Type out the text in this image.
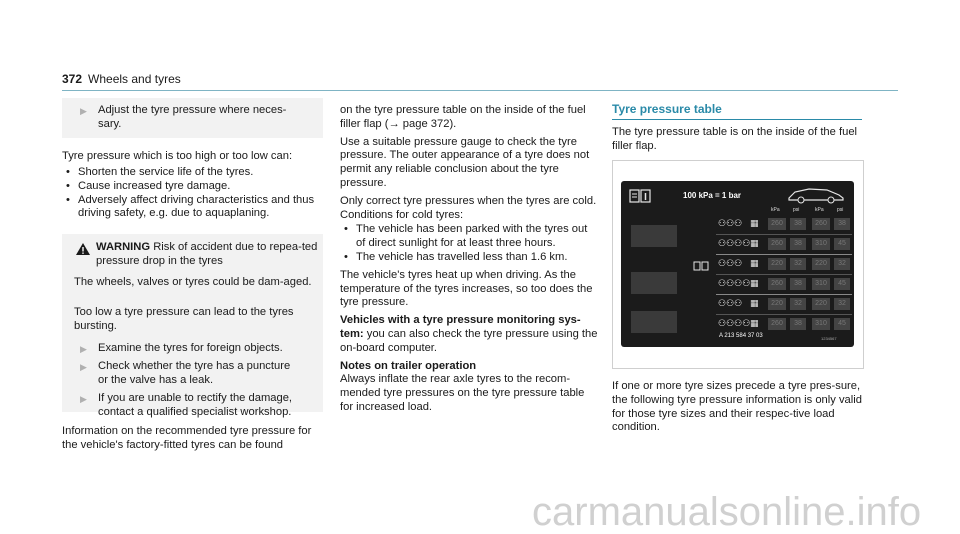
372 Wheels and tyres
▶ Adjust the tyre pressure where neces-
sary.

Tyre pressure which is too high or too low can:

• Shorten the service life of the tyres.
• Cause increased tyre damage.
• Adversely affect driving characteristics and thus driving safety, e.g. due to aquaplaning.

WARNING Risk of accident due to repea-ted pressure drop in the tyres

The wheels, valves or tyres could be dam-aged.

Too low a tyre pressure can lead to the tyres bursting.

▶ Examine the tyres for foreign objects.

▶ Check whether the tyre has a puncture or the valve has a leak.

▶ If you are unable to rectify the damage, contact a qualified specialist workshop.

Information on the recommended tyre pressure for the vehicle's factory-fitted tyres can be found

on the tyre pressure table on the inside of the fuel filler flap (→ page 372).

Use a suitable pressure gauge to check the tyre pressure. The outer appearance of a tyre does not permit any reliable conclusion about the tyre pressure.

Only correct tyre pressures when the tyres are cold. Conditions for cold tyres:

• The vehicle has been parked with the tyres out of direct sunlight for at least three hours.
• The vehicle has travelled less than 1.6 km.

The vehicle's tyres heat up when driving. As the temperature of the tyres increases, so too does the tyre pressure.

Vehicles with a tyre pressure monitoring sys-tem: you can also check the tyre pressure using the on-board computer.

Notes on trailer operation

Always inflate the rear axle tyres to the recom-mended tyre pressures on the tyre pressure table for increased load.

Tyre pressure table

The tyre pressure table is on the inside of the fuel filler flap.

100 kPa = 1 bar
kPa	psi	kPa	psi
⚇⚇⚇ ▦	260	38	260	38
⚇⚇⚇⚇ ▦	260	38	310	45
⚇⚇⚇ ▦	220	32	220	32
⚇⚇⚇⚇ ▦	260	38	310	45
⚇⚇⚇ ▦	220	32	220	32
⚇⚇⚇⚇ ▦	260	38	310	45
A 213 584 37 03	1234567

If one or more tyre sizes precede a tyre pres-sure, the following tyre pressure information is only valid for those tyre sizes and their respec-tive load condition.

carmanualsonline.info
